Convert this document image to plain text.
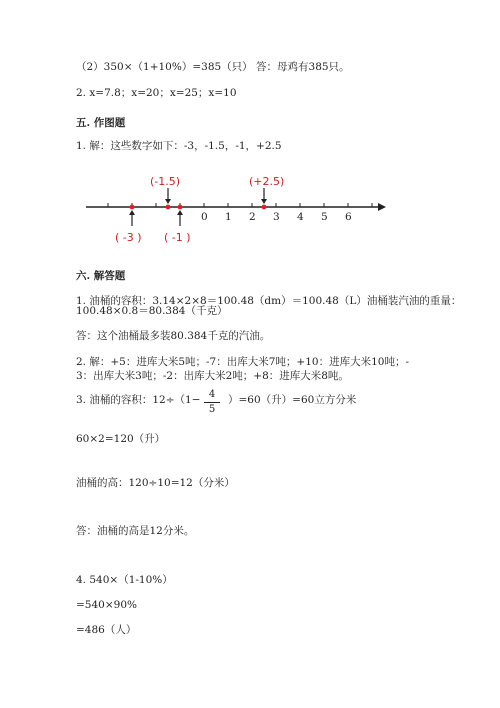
（2）350×（1+10%）=385（只） 答：母鸡有385只。
2. x=7.8；x=20；x=25；x=10
五. 作图题
1. 解：这些数字如下：-3，-1.5，-1，+2.5
0 1 2 3 4 5 6
(-1.5)	(+2.5)
( -3 ) ( -1 )
六. 解答题
1. 油桶的容积：3.14×2×8＝100.48（dm）＝100.48（L）油桶装汽油的重量：
100.48×0.8＝80.384（千克）
答：这个油桶最多装80.384千克的汽油。
2. 解：+5：进库大米5吨；-7：出库大米7吨；+10：进库大米10吨；-
3：出库大米3吨；-2：出库大米2吨；+8：进库大米8吨。
3. 油桶的容积：12÷（1− 4
5
）=60（升）=60立方分米
60×2=120（升）
油桶的高：120÷10=12（分米）
答：油桶的高是12分米。
4. 540×（1-10%）
=540×90%
=486（人）
